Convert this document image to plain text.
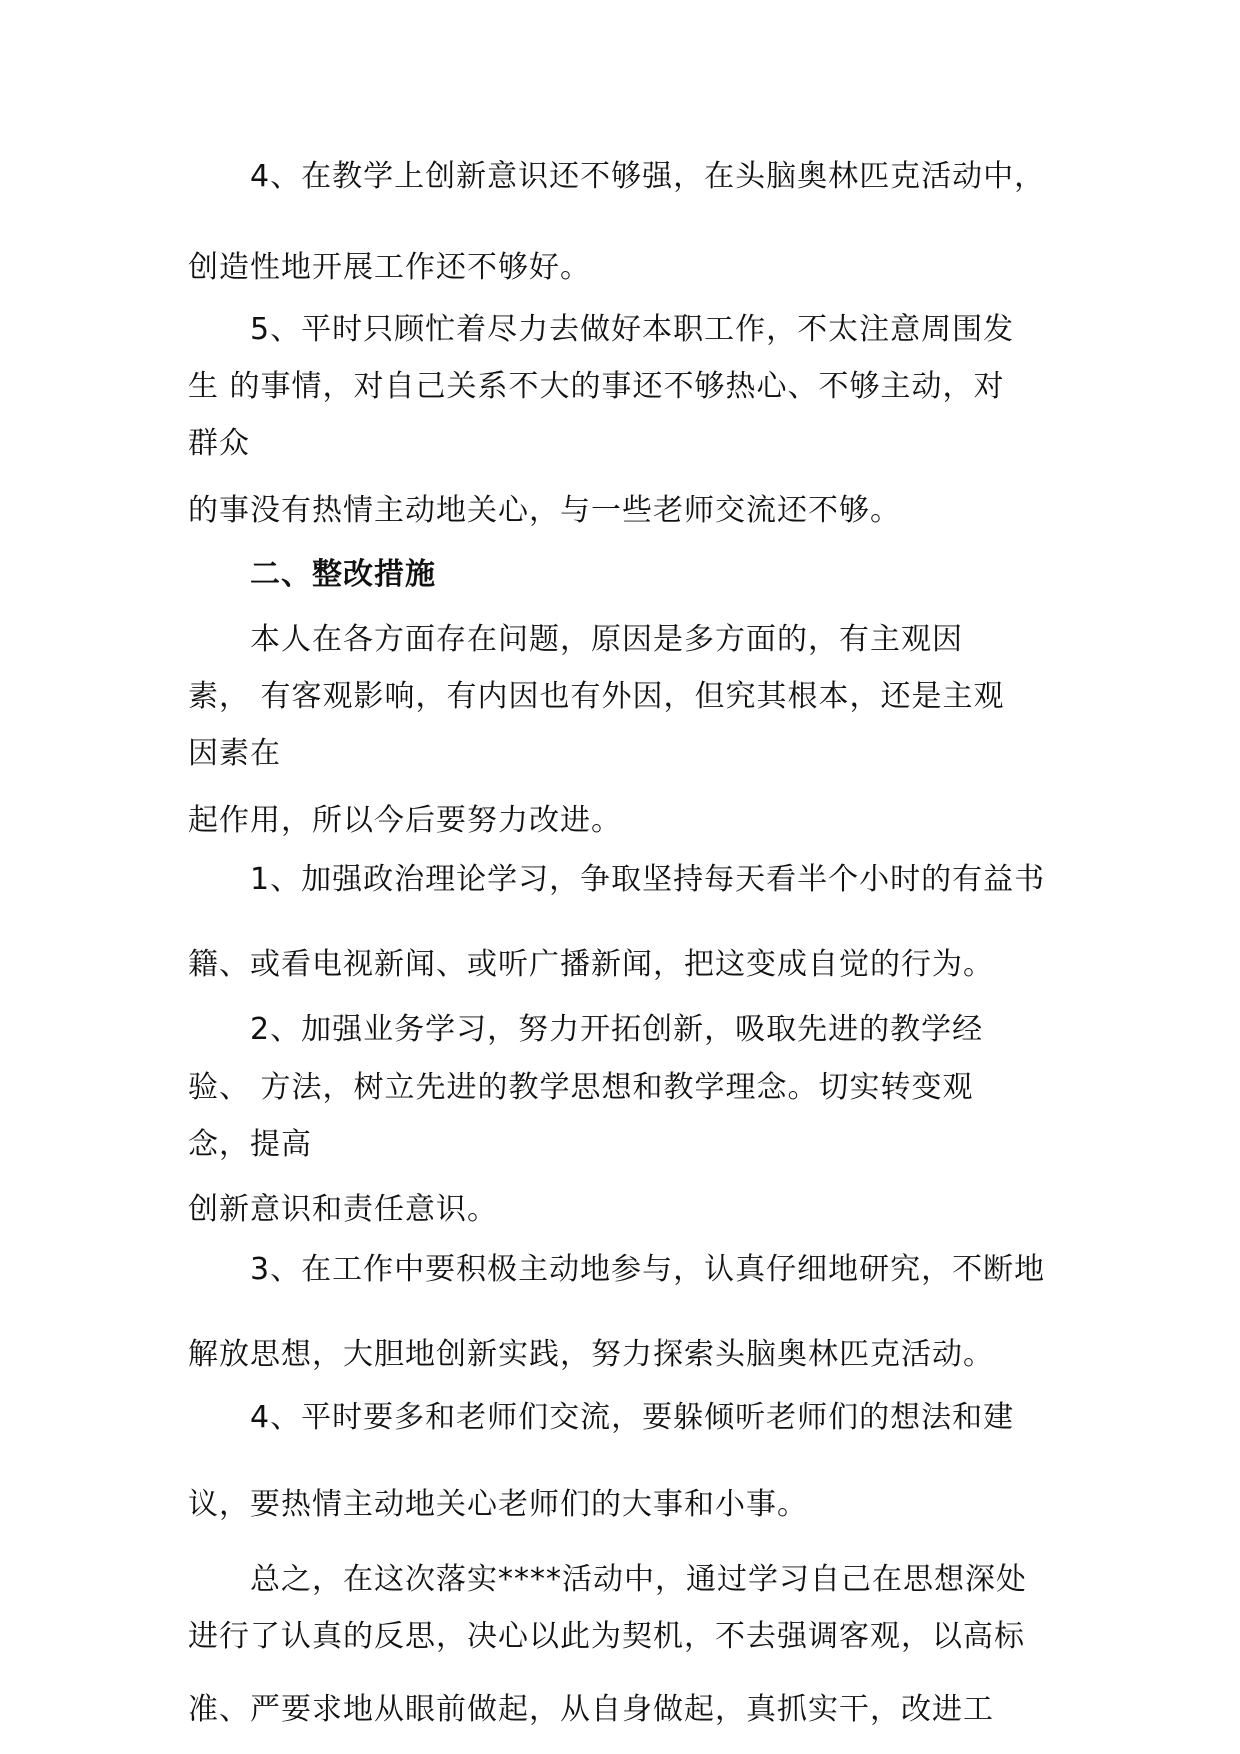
4、在教学上创新意识还不够强，在头脑奥林匹克活动中，
创造性地开展工作还不够好。
5、平时只顾忙着尽力去做好本职工作，不太注意周围发
生 的事情，对自己关系不大的事还不够热心、不够主动，对
群众
的事没有热情主动地关心，与一些老师交流还不够。
二、整改措施
本人在各方面存在问题，原因是多方面的，有主观因
素， 有客观影响，有内因也有外因，但究其根本，还是主观
因素在
起作用，所以今后要努力改进。
1、加强政治理论学习，争取坚持每天看半个小时的有益书
籍、或看电视新闻、或听广播新闻，把这变成自觉的行为。
2、加强业务学习，努力开拓创新，吸取先进的教学经
验、 方法，树立先进的教学思想和教学理念。切实转变观
念，提高
创新意识和责任意识。
3、在工作中要积极主动地参与，认真仔细地研究，不断地
解放思想，大胆地创新实践，努力探索头脑奥林匹克活动。
4、平时要多和老师们交流，要躲倾听老师们的想法和建
议，要热情主动地关心老师们的大事和小事。
总之，在这次落实****活动中，通过学习自己在思想深处
进行了认真的反思，决心以此为契机，不去强调客观，以高标
准、严要求地从眼前做起，从自身做起，真抓实干，改进工
